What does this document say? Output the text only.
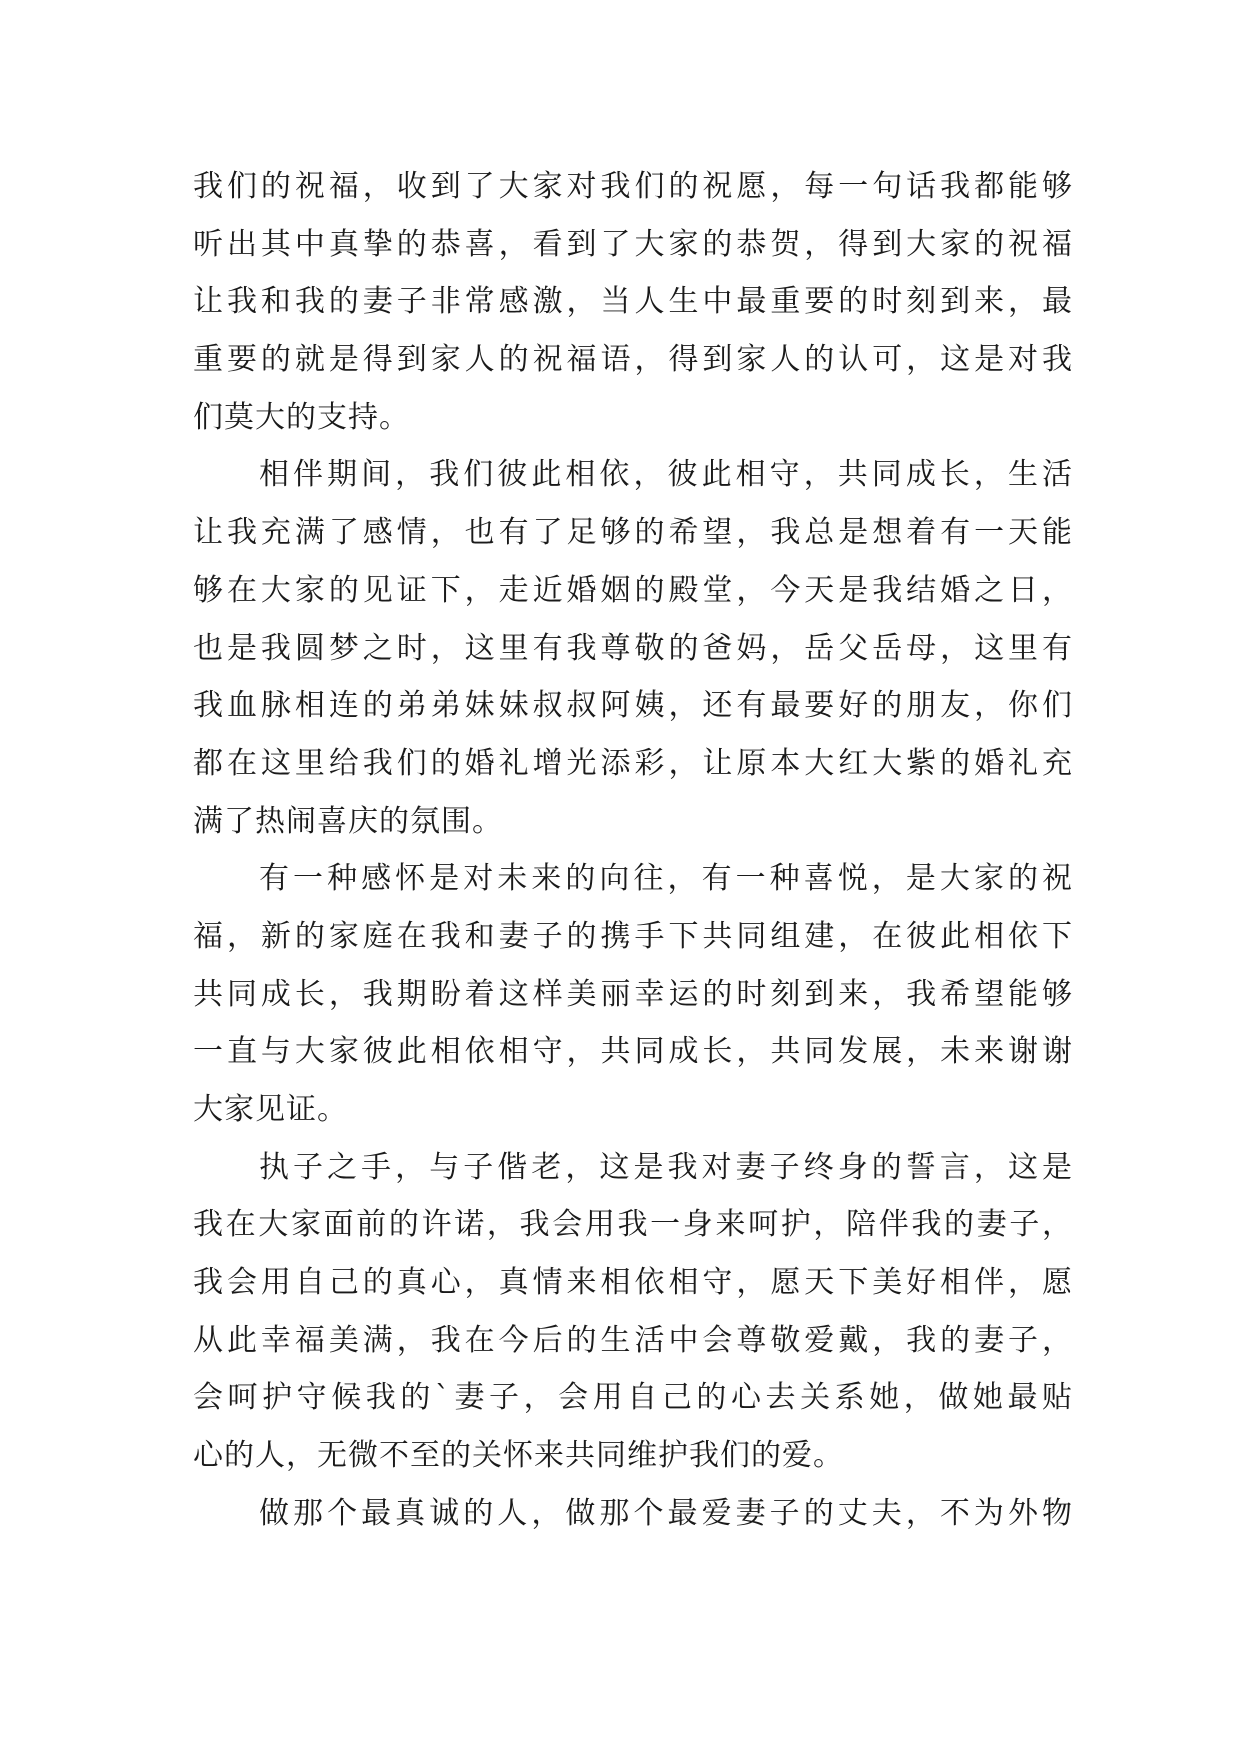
我们的祝福，收到了大家对我们的祝愿，每一句话我都能够
听出其中真挚的恭喜，看到了大家的恭贺，得到大家的祝福
让我和我的妻子非常感激，当人生中最重要的时刻到来，最
重要的就是得到家人的祝福语，得到家人的认可，这是对我
们莫大的支持。
相伴期间，我们彼此相依，彼此相守，共同成长，生活
让我充满了感情，也有了足够的希望，我总是想着有一天能
够在大家的见证下，走近婚姻的殿堂，今天是我结婚之日，
也是我圆梦之时，这里有我尊敬的爸妈，岳父岳母，这里有
我血脉相连的弟弟妹妹叔叔阿姨，还有最要好的朋友，你们
都在这里给我们的婚礼增光添彩，让原本大红大紫的婚礼充
满了热闹喜庆的氛围。
有一种感怀是对未来的向往，有一种喜悦，是大家的祝
福，新的家庭在我和妻子的携手下共同组建，在彼此相依下
共同成长，我期盼着这样美丽幸运的时刻到来，我希望能够
一直与大家彼此相依相守，共同成长，共同发展，未来谢谢
大家见证。
执子之手，与子偕老，这是我对妻子终身的誓言，这是
我在大家面前的许诺，我会用我一身来呵护，陪伴我的妻子，
我会用自己的真心，真情来相依相守，愿天下美好相伴，愿
从此幸福美满，我在今后的生活中会尊敬爱戴，我的妻子，
会呵护守候我的`妻子，会用自己的心去关系她，做她最贴
心的人，无微不至的关怀来共同维护我们的爱。
做那个最真诚的人，做那个最爱妻子的丈夫，不为外物
